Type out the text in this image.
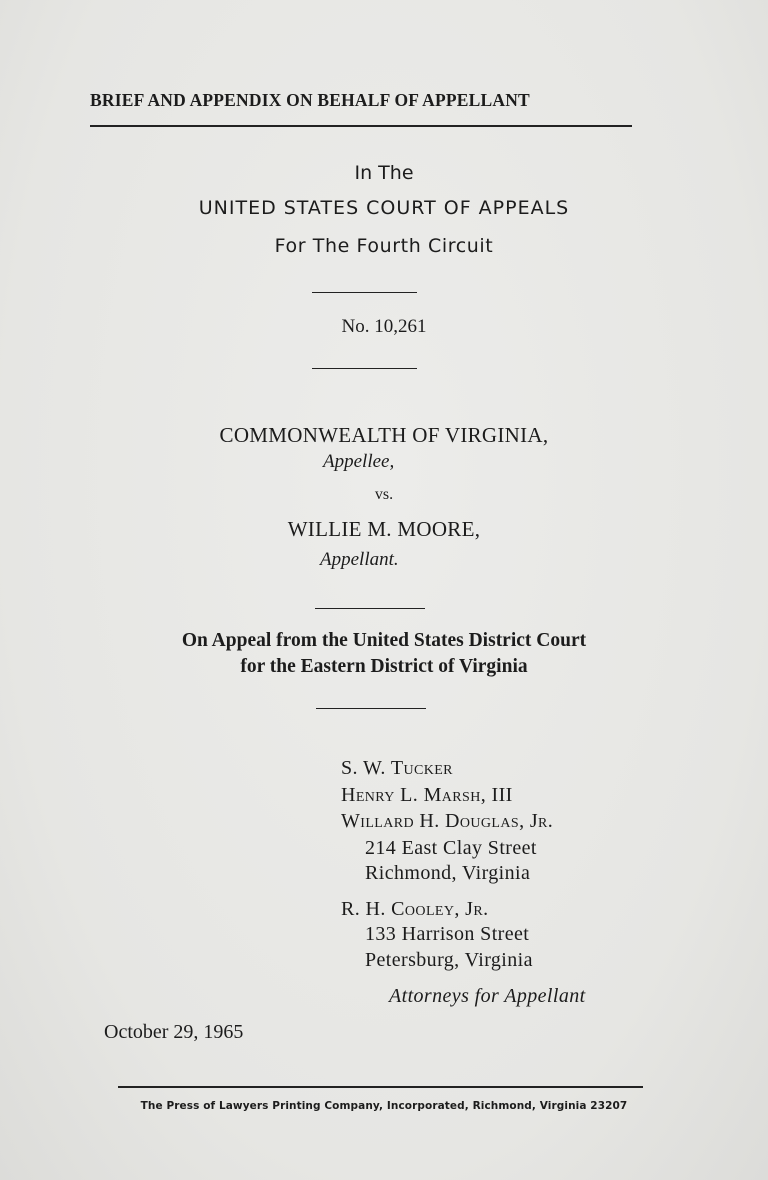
BRIEF AND APPENDIX ON BEHALF OF APPELLANT
In The
UNITED STATES COURT OF APPEALS
For The Fourth Circuit
No. 10,261
COMMONWEALTH OF VIRGINIA,
Appellee,
vs.
WILLIE M. MOORE,
Appellant.
On Appeal from the United States District Court
for the Eastern District of Virginia
S. W. Tucker
Henry L. Marsh, III
Willard H. Douglas, Jr.
214 East Clay Street
Richmond, Virginia
R. H. Cooley, Jr.
133 Harrison Street
Petersburg, Virginia
Attorneys for Appellant
October 29, 1965
The Press of Lawyers Printing Company, Incorporated, Richmond, Virginia 23207
